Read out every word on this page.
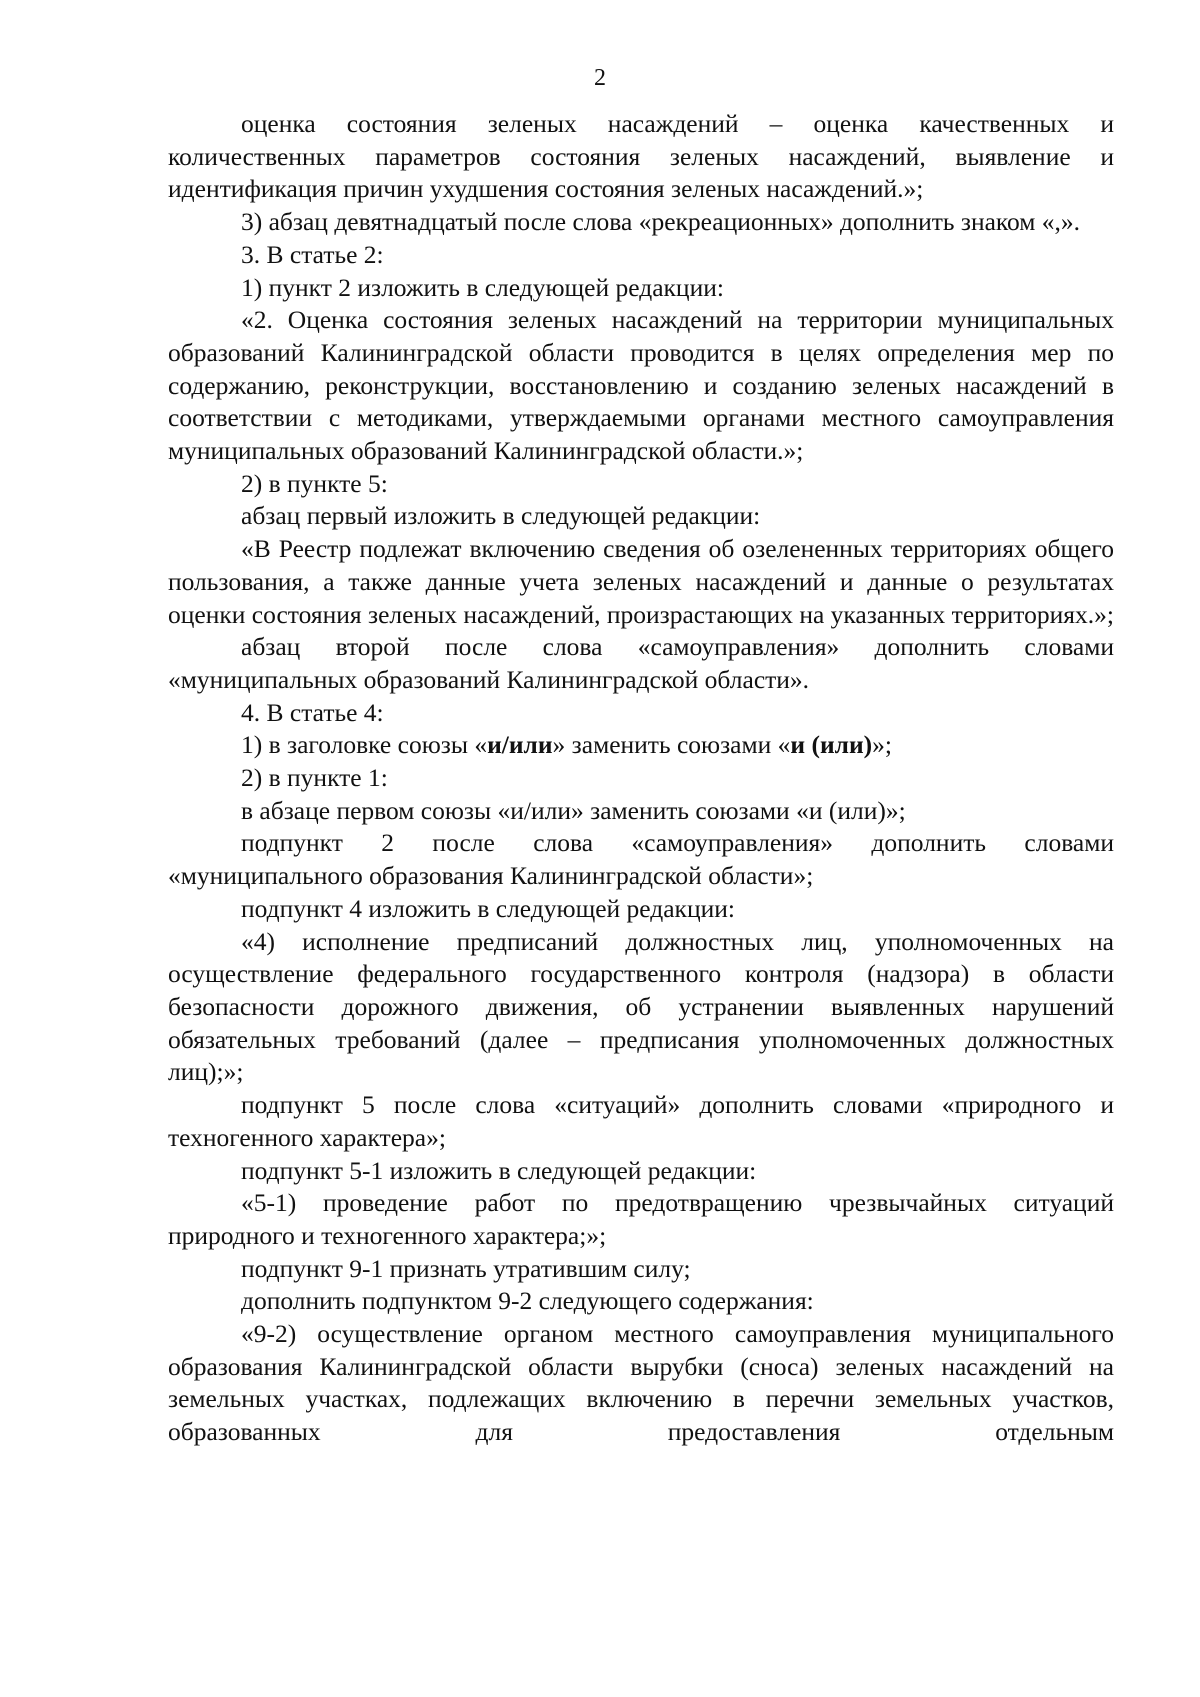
2

оценка состояния зеленых насаждений – оценка качественных и количественных параметров состояния зеленых насаждений, выявление и идентификация причин ухудшения состояния зеленых насаждений.»;

3) абзац девятнадцатый после слова «рекреационных» дополнить знаком «,».

3. В статье 2:

1) пункт 2 изложить в следующей редакции:

«2. Оценка состояния зеленых насаждений на территории муниципальных образований Калининградской области проводится в целях определения мер по содержанию, реконструкции, восстановлению и созданию зеленых насаждений в соответствии с методиками, утверждаемыми органами местного самоуправления муниципальных образований Калининградской области.»;

2) в пункте 5:

абзац первый изложить в следующей редакции:

«В Реестр подлежат включению сведения об озелененных территориях общего пользования, а также данные учета зеленых насаждений и данные о результатах оценки состояния зеленых насаждений, произрастающих на указанных территориях.»;

абзац второй после слова «самоуправления» дополнить словами «муниципальных образований Калининградской области».

4. В статье 4:

1) в заголовке союзы «и/или» заменить союзами «и (или)»;

2) в пункте 1:

в абзаце первом союзы «и/или» заменить союзами «и (или)»;

подпункт 2 после слова «самоуправления» дополнить словами «муниципального образования Калининградской области»;

подпункт 4 изложить в следующей редакции:

«4) исполнение предписаний должностных лиц, уполномоченных на осуществление федерального государственного контроля (надзора) в области безопасности дорожного движения, об устранении выявленных нарушений обязательных требований (далее – предписания уполномоченных должностных лиц);»;

подпункт 5 после слова «ситуаций» дополнить словами «природного и техногенного характера»;

подпункт 5-1 изложить в следующей редакции:

«5-1) проведение работ по предотвращению чрезвычайных ситуаций природного и техногенного характера;»;

подпункт 9-1 признать утратившим силу;

дополнить подпунктом 9-2 следующего содержания:

«9-2) осуществление органом местного самоуправления муниципального образования Калининградской области вырубки (сноса) зеленых насаждений на земельных участках, подлежащих включению в перечни земельных участков, образованных для предоставления отдельным
